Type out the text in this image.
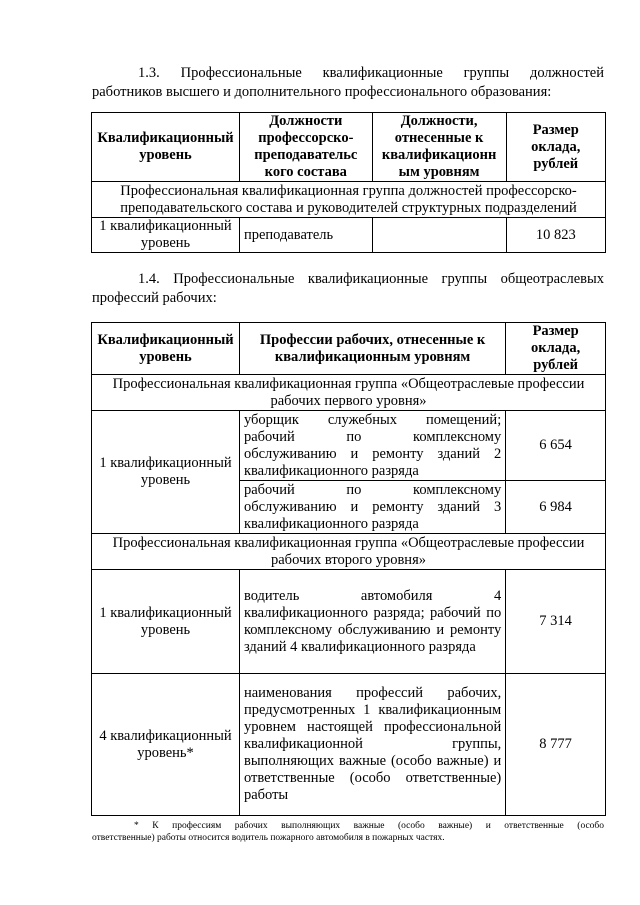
1.3. Профессиональные квалификационные группы должностей
работников высшего и дополнительного профессионального образования:
Квалификационный уровень	Должности профессорско-преподавательс кого состава	Должности, отнесенные к квалификационн ым уровням	Размер оклада, рублей
Профессиональная квалификационная группа должностей профессорско-преподавательского состава и руководителей структурных подразделений			
1 квалификационный уровень	преподаватель		10 823
1.4. Профессиональные квалификационные группы общеотраслевых
профессий рабочих:
Квалификационный уровень	Профессии рабочих, отнесенные к квалификационным уровням	Размер оклада, рублей
Профессиональная квалификационная группа «Общеотраслевые профессии рабочих первого уровня»		
1 квалификационный уровень	уборщик служебных помещений; рабочий по комплексному обслуживанию и ремонту зданий 2 квалификационного разряда	6 654
	рабочий по комплексному обслуживанию и ремонту зданий 3 квалификационного разряда	6 984
Профессиональная квалификационная группа «Общеотраслевые профессии рабочих второго уровня»		
1 квалификационный уровень	водитель автомобиля 4 квалификационного разряда; рабочий по комплексному обслуживанию и ремонту зданий 4 квалификационного разряда	7 314
4 квалификационный уровень*	наименования профессий рабочих, предусмотренных 1 квалификационным уровнем настоящей профессиональной квалификационной группы, выполняющих важные (особо важные) и ответственные (особо ответственные) работы	8 777
* К профессиям рабочих выполняющих важные (особо важные) и ответственные (особо
ответственные) работы относится водитель пожарного автомобиля в пожарных частях.
